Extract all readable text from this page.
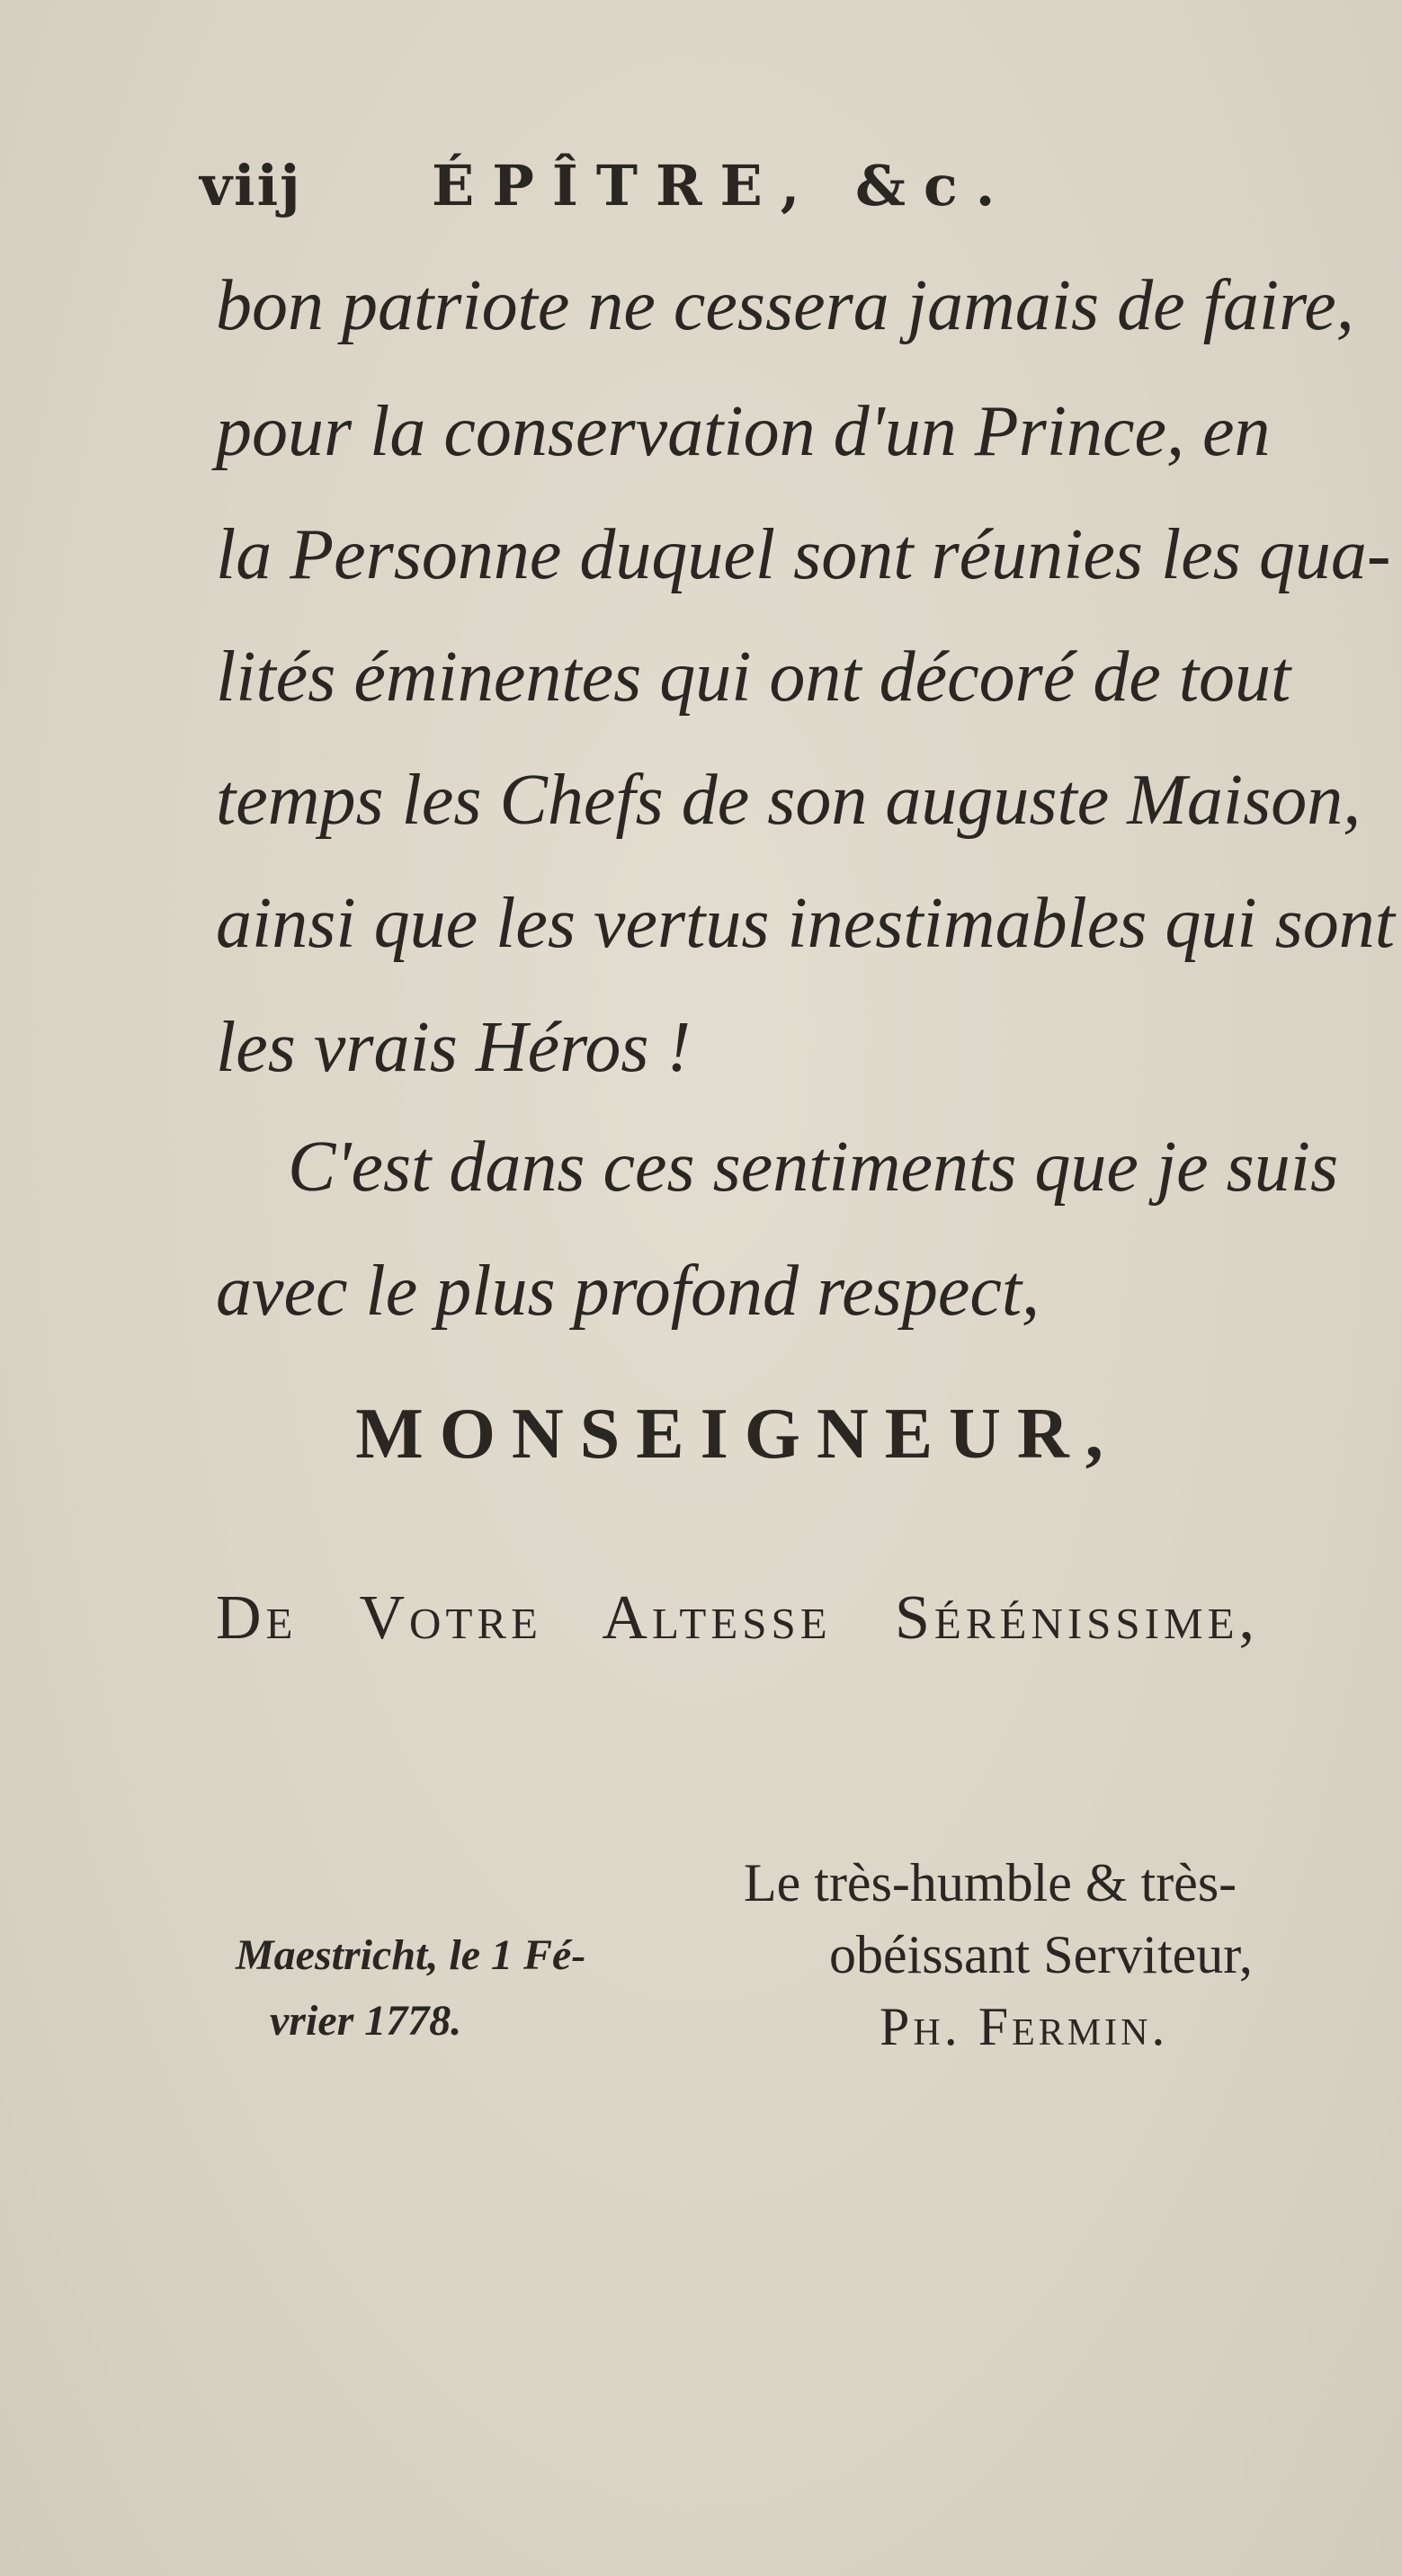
viij ÉPÎTRE, &c.
bon patriote ne cessera jamais de faire,
pour la conservation d'un Prince, en
la Personne duquel sont réunies les qua-
lités éminentes qui ont décoré de tout
temps les Chefs de son auguste Maison,
ainsi que les vertus inestimables qui sont
les vrais Héros !
C'est dans ces sentiments que je suis
avec le plus profond respect,
MONSEIGNEUR,
De Votre Altesse Sérénissime,
Le très-humble & très-
obéissant Serviteur,
Ph. Fermin.
Maestricht, le 1 Fé-
vrier 1778.
